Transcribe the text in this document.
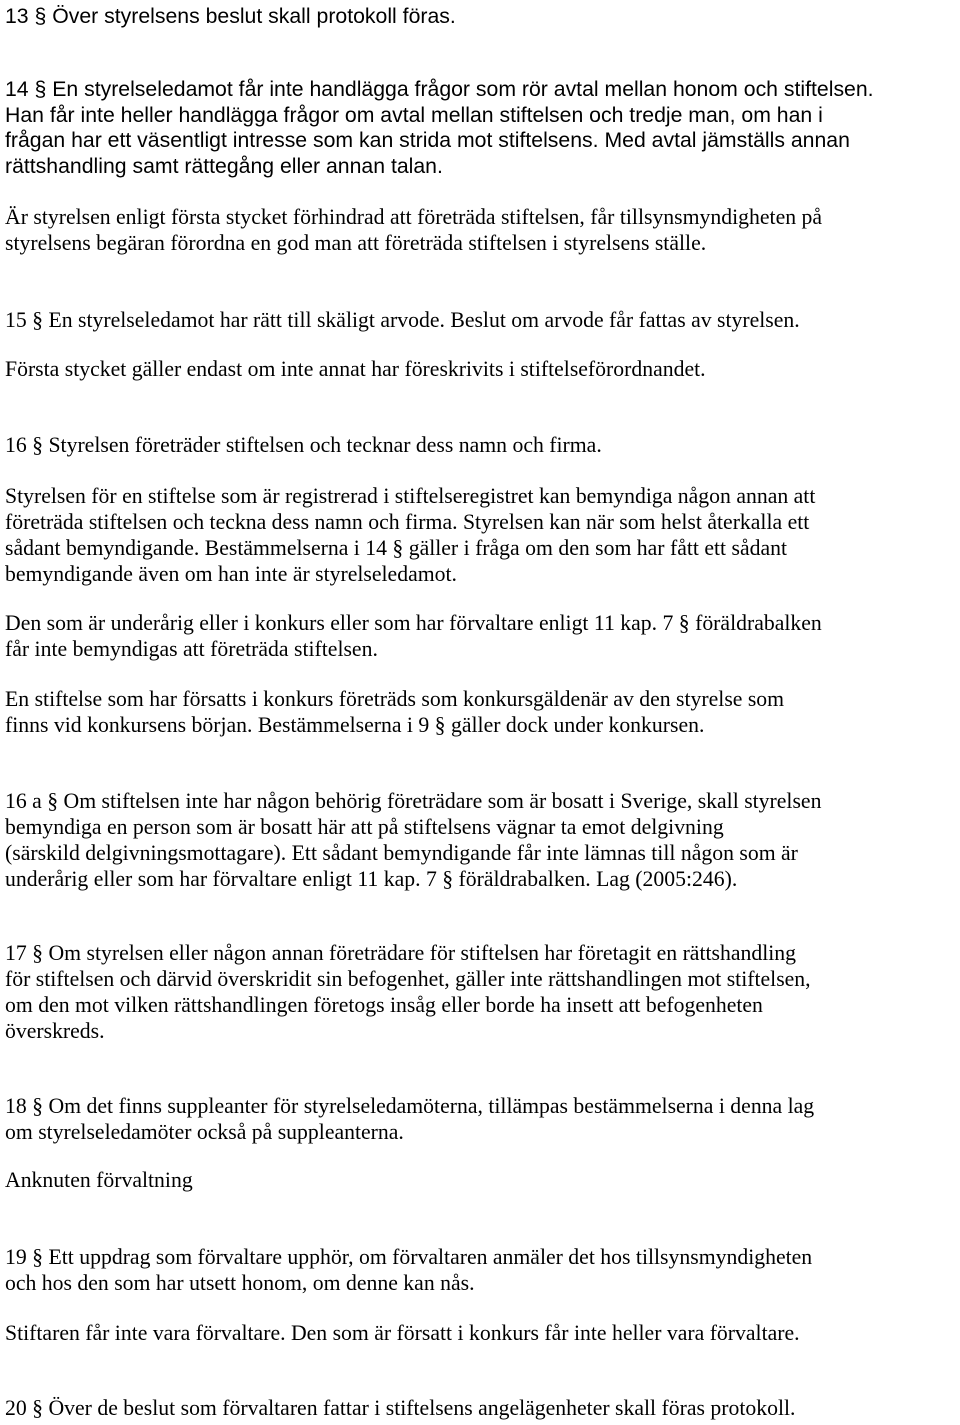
13 § Över styrelsens beslut skall protokoll föras.

14 § En styrelseledamot får inte handlägga frågor som rör avtal mellan honom och stiftelsen.
Han får inte heller handlägga frågor om avtal mellan stiftelsen och tredje man, om han i
frågan har ett väsentligt intresse som kan strida mot stiftelsens. Med avtal jämställs annan
rättshandling samt rättegång eller annan talan.

Är styrelsen enligt första stycket förhindrad att företräda stiftelsen, får tillsynsmyndigheten på
styrelsens begäran förordna en god man att företräda stiftelsen i styrelsens ställe.

15 § En styrelseledamot har rätt till skäligt arvode. Beslut om arvode får fattas av styrelsen.

Första stycket gäller endast om inte annat har föreskrivits i stiftelseförordnandet.

16 § Styrelsen företräder stiftelsen och tecknar dess namn och firma.

Styrelsen för en stiftelse som är registrerad i stiftelseregistret kan bemyndiga någon annan att
företräda stiftelsen och teckna dess namn och firma. Styrelsen kan när som helst återkalla ett
sådant bemyndigande. Bestämmelserna i 14 § gäller i fråga om den som har fått ett sådant
bemyndigande även om han inte är styrelseledamot.

Den som är underårig eller i konkurs eller som har förvaltare enligt 11 kap. 7 § föräldrabalken
får inte bemyndigas att företräda stiftelsen.

En stiftelse som har försatts i konkurs företräds som konkursgäldenär av den styrelse som
finns vid konkursens början. Bestämmelserna i 9 § gäller dock under konkursen.

16 a § Om stiftelsen inte har någon behörig företrädare som är bosatt i Sverige, skall styrelsen
bemyndiga en person som är bosatt här att på stiftelsens vägnar ta emot delgivning
(särskild delgivningsmottagare). Ett sådant bemyndigande får inte lämnas till någon som är
underårig eller som har förvaltare enligt 11 kap. 7 § föräldrabalken. Lag (2005:246).

17 § Om styrelsen eller någon annan företrädare för stiftelsen har företagit en rättshandling
för stiftelsen och därvid överskridit sin befogenhet, gäller inte rättshandlingen mot stiftelsen,
om den mot vilken rättshandlingen företogs insåg eller borde ha insett att befogenheten
överskreds.

18 § Om det finns suppleanter för styrelseledamöterna, tillämpas bestämmelserna i denna lag
om styrelseledamöter också på suppleanterna.

Anknuten förvaltning

19 § Ett uppdrag som förvaltare upphör, om förvaltaren anmäler det hos tillsynsmyndigheten
och hos den som har utsett honom, om denne kan nås.

Stiftaren får inte vara förvaltare. Den som är försatt i konkurs får inte heller vara förvaltare.

20 § Över de beslut som förvaltaren fattar i stiftelsens angelägenheter skall föras protokoll.
